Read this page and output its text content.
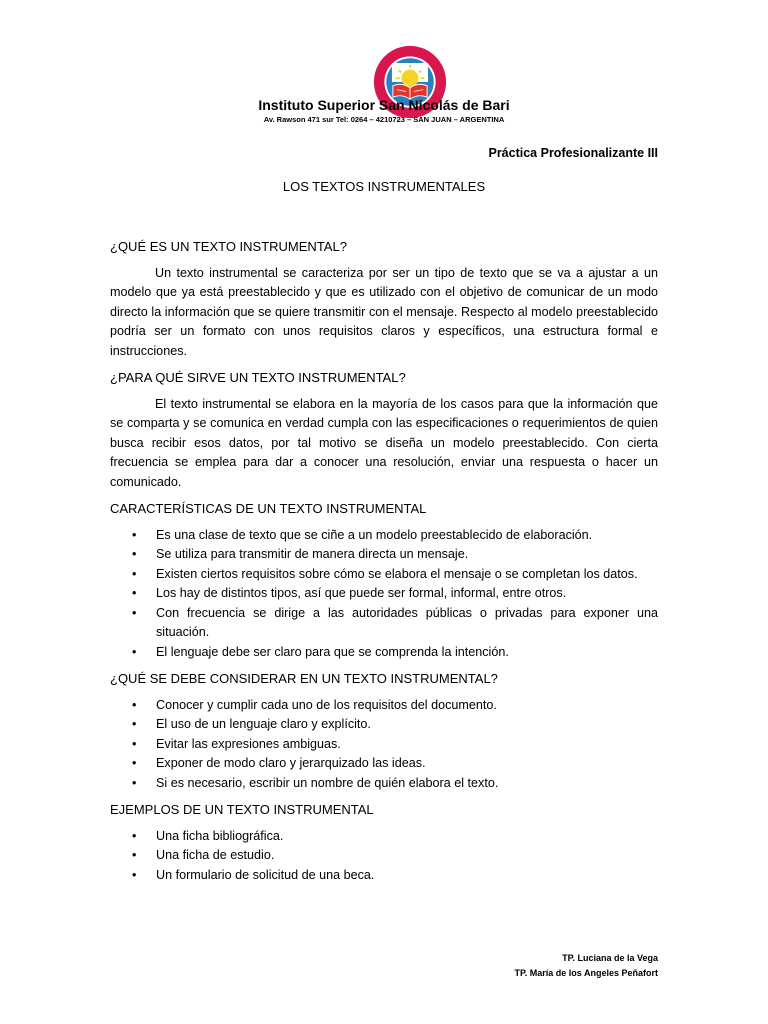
Instituto Superior San Nicolás de Bari
Av. Rawson 471 sur Tel: 0264 – 4210723 – SAN JUAN – ARGENTINA
Práctica Profesionalizante III
LOS TEXTOS INSTRUMENTALES
¿QUÉ ES UN TEXTO INSTRUMENTAL?

Un texto instrumental se caracteriza por ser un tipo de texto que se va a ajustar a un modelo que ya está preestablecido y que es utilizado con el objetivo de comunicar de un modo directo la información que se quiere transmitir con el mensaje. Respecto al modelo preestablecido podría ser un formato con unos requisitos claros y específicos, una estructura formal e instrucciones.

¿PARA QUÉ SIRVE UN TEXTO INSTRUMENTAL?

El texto instrumental se elabora en la mayoría de los casos para que la información que se comparta y se comunica en verdad cumpla con las especificaciones o requerimientos de quien busca recibir esos datos, por tal motivo se diseña un modelo preestablecido. Con cierta frecuencia se emplea para dar a conocer una resolución, enviar una respuesta o hacer un comunicado.

CARACTERÍSTICAS DE UN TEXTO INSTRUMENTAL
• Es una clase de texto que se ciñe a un modelo preestablecido de elaboración.
• Se utiliza para transmitir de manera directa un mensaje.
• Existen ciertos requisitos sobre cómo se elabora el mensaje o se completan los datos.
• Los hay de distintos tipos, así que puede ser formal, informal, entre otros.
• Con frecuencia se dirige a las autoridades públicas o privadas para exponer una situación.
• El lenguaje debe ser claro para que se comprenda la intención.
¿QUÉ SE DEBE CONSIDERAR EN UN TEXTO INSTRUMENTAL?
• Conocer y cumplir cada uno de los requisitos del documento.
• El uso de un lenguaje claro y explícito.
• Evitar las expresiones ambiguas.
• Exponer de modo claro y jerarquizado las ideas.
• Si es necesario, escribir un nombre de quién elabora el texto.
EJEMPLOS DE UN TEXTO INSTRUMENTAL
• Una ficha bibliográfica.
• Una ficha de estudio.
• Un formulario de solicitud de una beca.
TP. Luciana de la Vega
TP. María de los Angeles Peñafort
